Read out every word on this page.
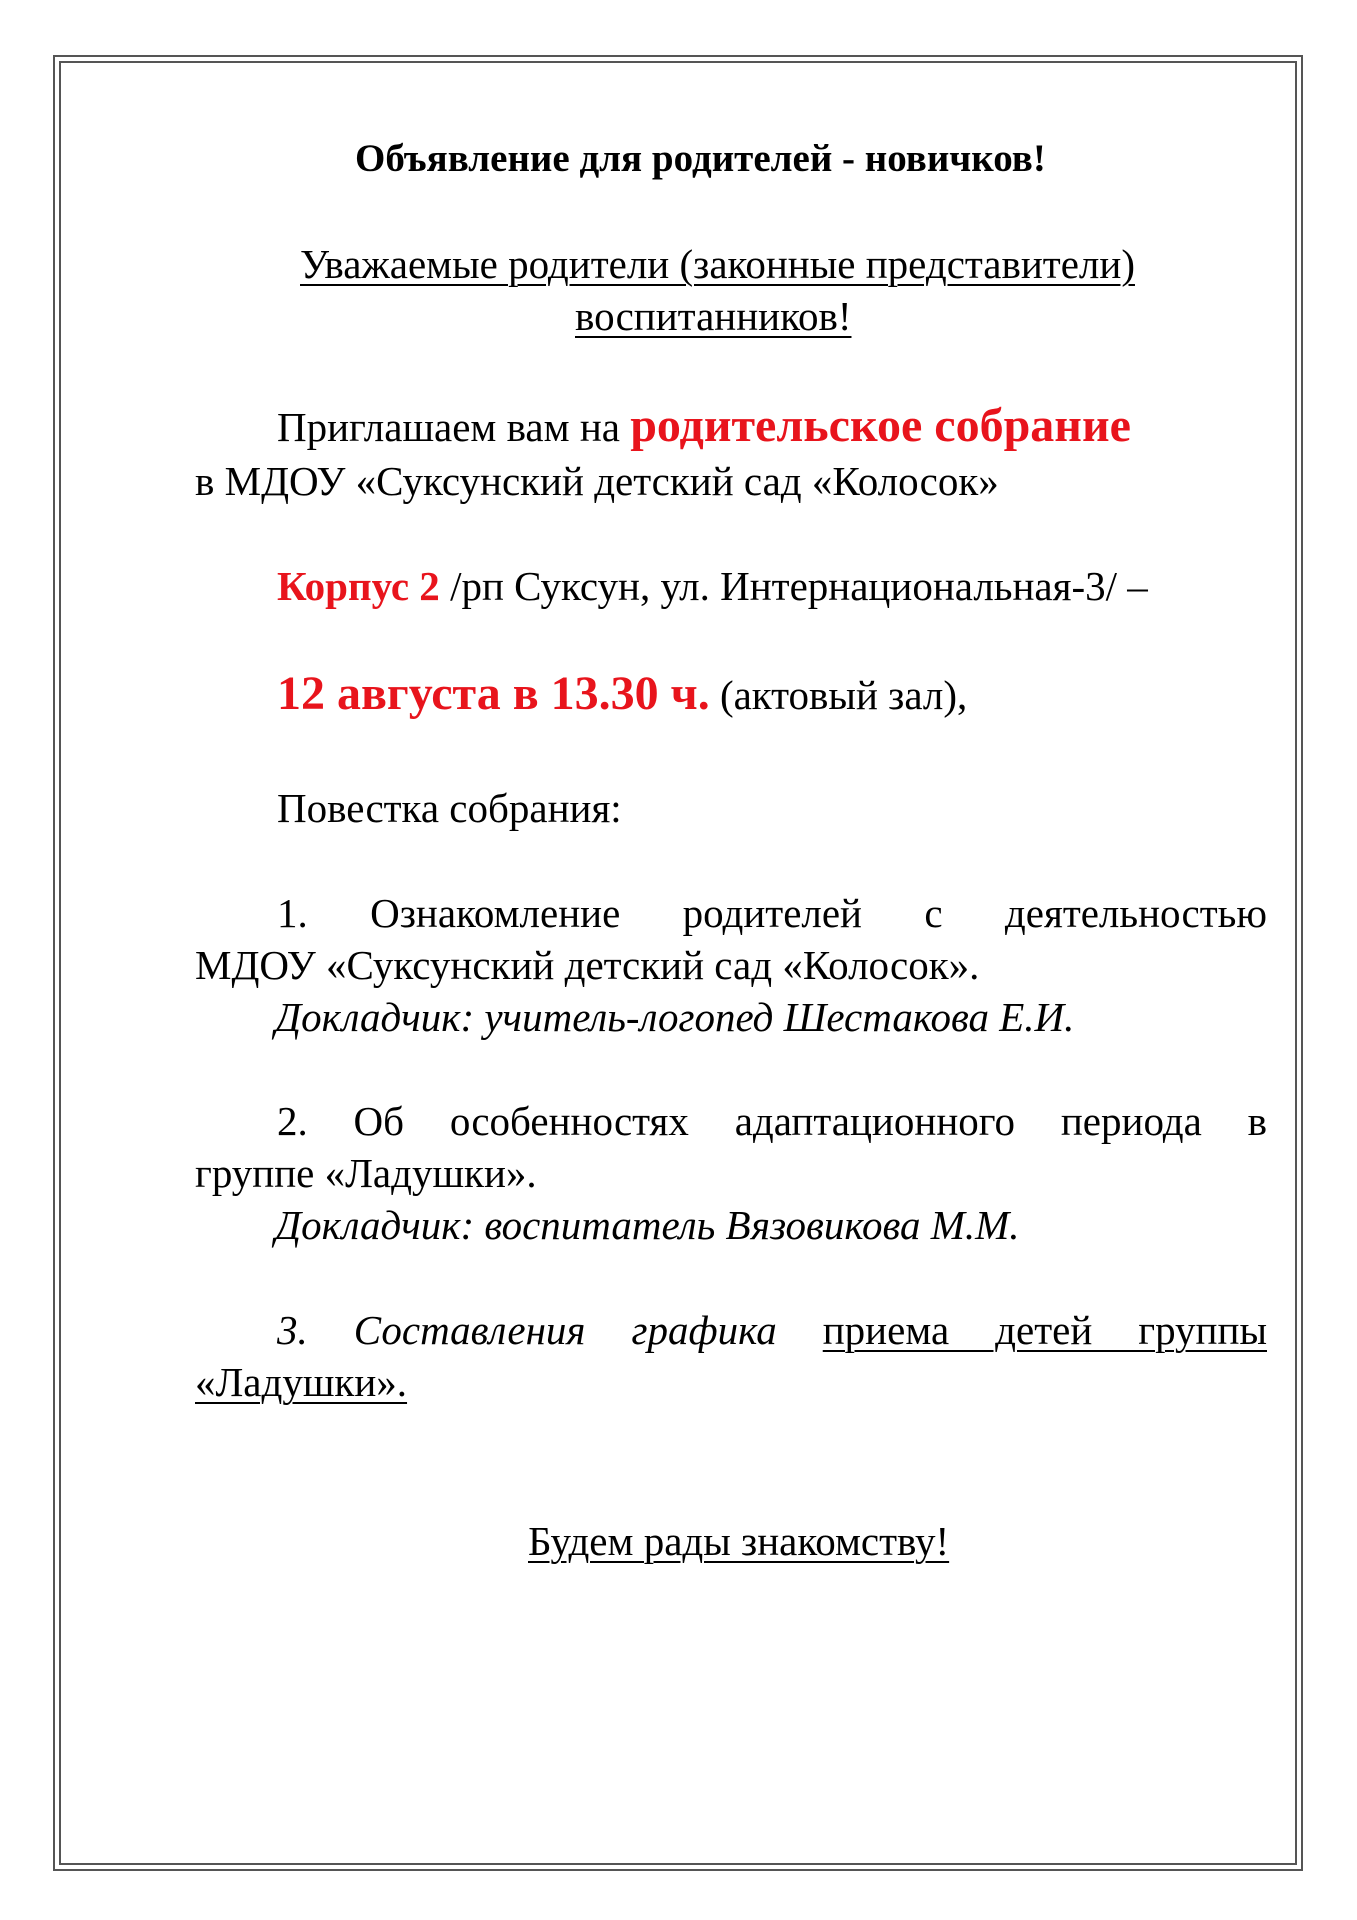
Объявление для родителей - новичков!
Уважаемые родители (законные представители)
воспитанников!
Приглашаем вам на родительское собрание
в МДОУ «Суксунский детский сад «Колосок»
Корпус 2 /рп Суксун, ул. Интернациональная-3/ –
12 августа в 13.30 ч. (актовый зал),
Повестка собрания:
1. Ознакомление родителей с деятельностью
МДОУ «Суксунский детский сад «Колосок».
Докладчик: учитель-логопед Шестакова Е.И.
2. Об особенностях адаптационного периода в
группе «Ладушки».
Докладчик: воспитатель Вязовикова М.М.
3. Составления графика приема детей группы
«Ладушки».
Будем рады знакомству!
